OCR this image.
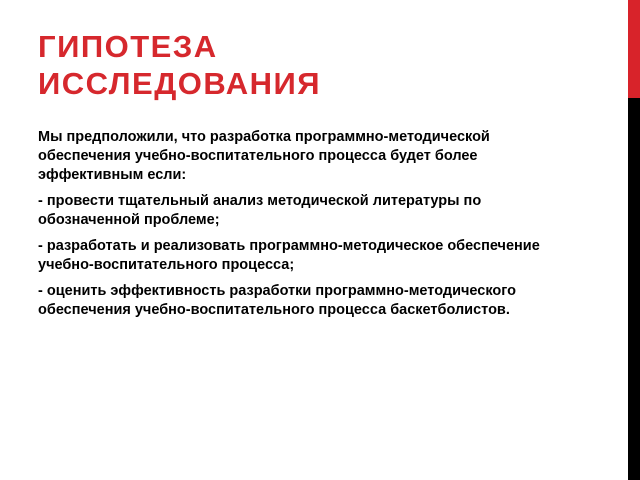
ГИПОТЕЗА
ИССЛЕДОВАНИЯ

Мы предположили, что разработка программно-методической обеспечения учебно-воспитательного процесса будет более эффективным если:

- провести тщательный анализ методической литературы по обозначенной проблеме;

- разработать и реализовать программно-методическое обеспечение учебно-воспитательного процесса;

- оценить эффективность разработки программно-методического обеспечения учебно-воспитательного процесса баскетболистов.
